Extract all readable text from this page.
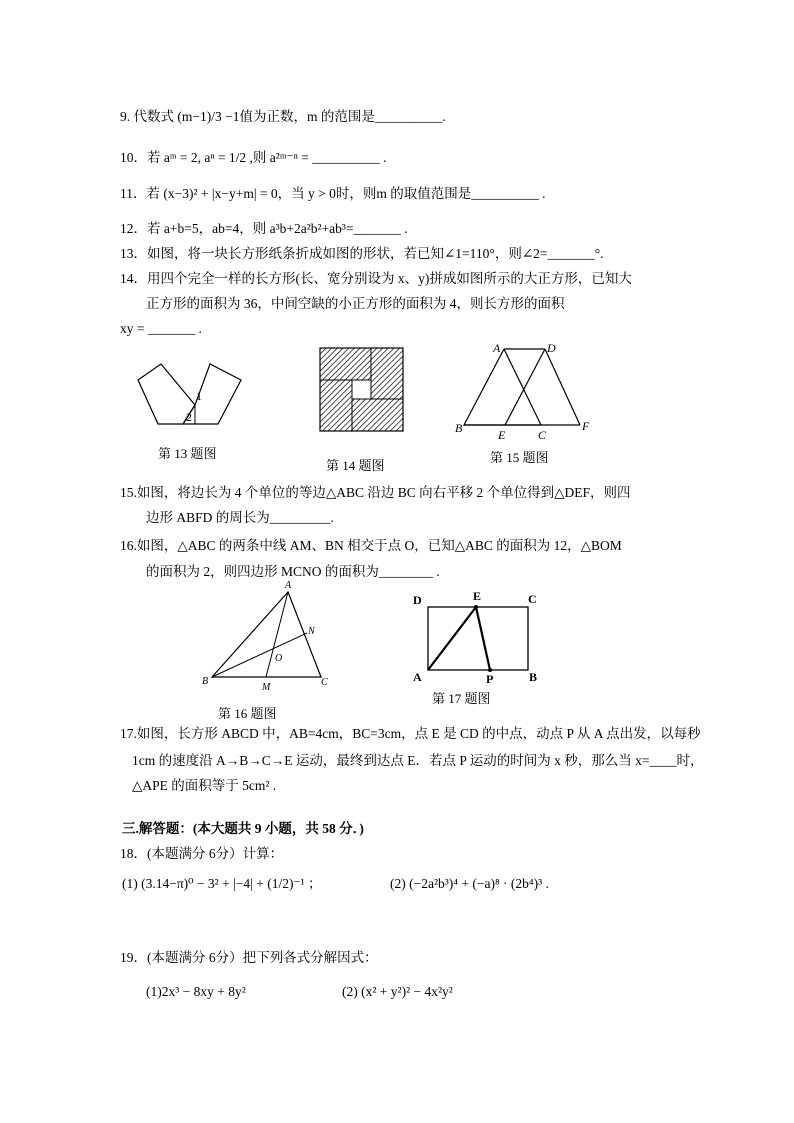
9. 代数式 (m−1)/3 −1值为正数，m 的范围是__________.
10．若 aᵐ = 2, aⁿ = 1/2 ,则 a²ᵐ⁻ⁿ = __________ .
11．若 (x−3)² + |x−y+m| = 0，当 y > 0时，则m 的取值范围是__________ .
12．若 a+b=5，ab=4，则 a³b+2a²b²+ab³=_______ .
13．如图，将一块长方形纸条折成如图的形状，若已知∠1=110°，则∠2=_______°.
14．用四个完全一样的长方形(长、宽分别设为 x、y)拼成如图所示的大正方形，已知大
正方形的面积为 36，中间空缺的小正方形的面积为 4，则长方形的面积
xy = _______ .
1
2
第 13 题图
第 14 题图
A	D
B	E	C
F
第 15 题图
15.如图，将边长为 4 个单位的等边△ABC 沿边 BC 向右平移 2 个单位得到△DEF，则四
边形 ABFD 的周长为_________.
16.如图，△ABC 的两条中线 AM、BN 相交于点 O，已知△ABC 的面积为 12，△BOM
的面积为 2，则四边形 MCNO 的面积为________ .
A
N
O
B
M	C
第 16 题图
D	E	C
A	P	B
第 17 题图
17.如图，长方形 ABCD 中，AB=4cm，BC=3cm，点 E 是 CD 的中点，动点 P 从 A 点出发，以每秒
1cm 的速度沿 A→B→C→E 运动，最终到达点 E．若点 P 运动的时间为 x 秒，那么当 x=____时，
△APE 的面积等于 5cm² .
三.解答题：(本大题共 9 小题，共 58 分．)
18．(本题满分 6分）计算：
(1) (3.14−π)⁰ − 3² + |−4| + (1/2)⁻¹ ；	(2) (−2a²b³)⁴ + (−a)⁸ · (2b⁴)³ .
19．(本题满分 6分）把下列各式分解因式：
(1)2x³ − 8xy + 8y²	(2) (x² + y²)² − 4x²y²
